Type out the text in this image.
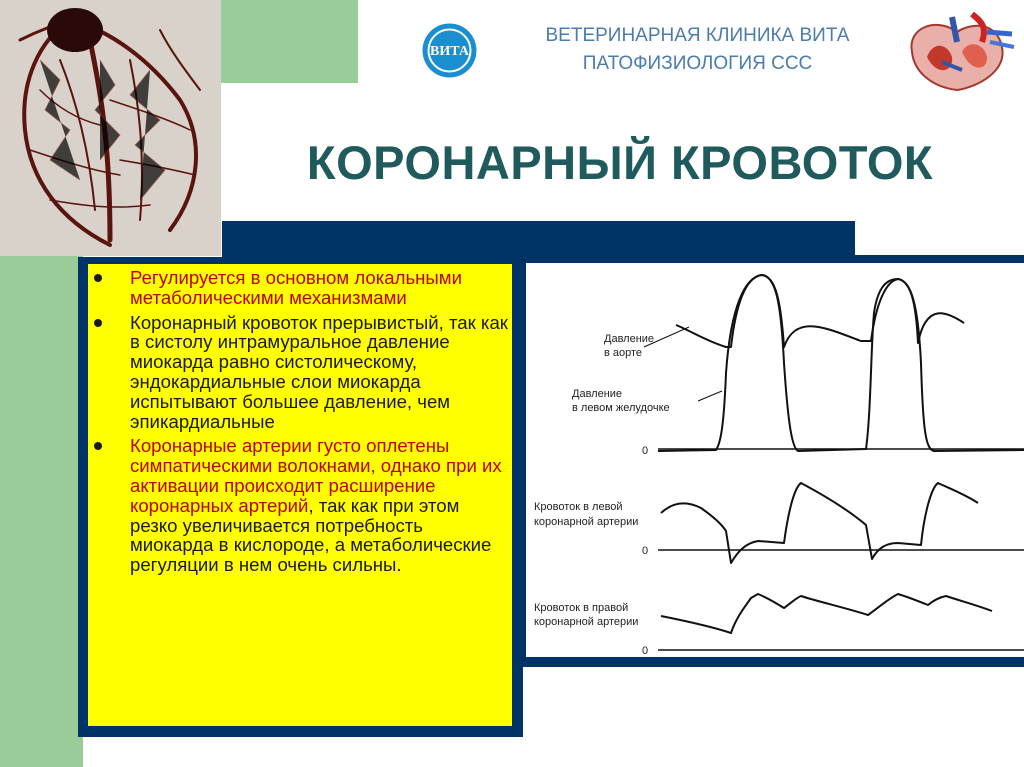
ВИТА
ВЕТЕРИНАРНАЯ КЛИНИКА ВИТА
ПАТОФИЗИОЛОГИЯ ССС
КОРОНАРНЫЙ КРОВОТОК
Регулируется в основном локальными метаболическими механизмами
Коронарный кровоток прерывистый, так как в систолу интрамуральное давление миокарда равно систолическому, эндокардиальные слои миокарда испытывают большее давление, чем эпикардиальные
Коронарные артерии густо оплетены симпатическими волокнами, однако при их активации происходит расширение коронарных артерий, так как при этом резко увеличивается потребность миокарда в кислороде, а метаболические регуляции в нем очень сильны.
Давление
в аорте
Давление
в левом желудочке
Кровоток в левой
коронарной артерии
Кровоток в правой
коронарной артерии
0
0
0
